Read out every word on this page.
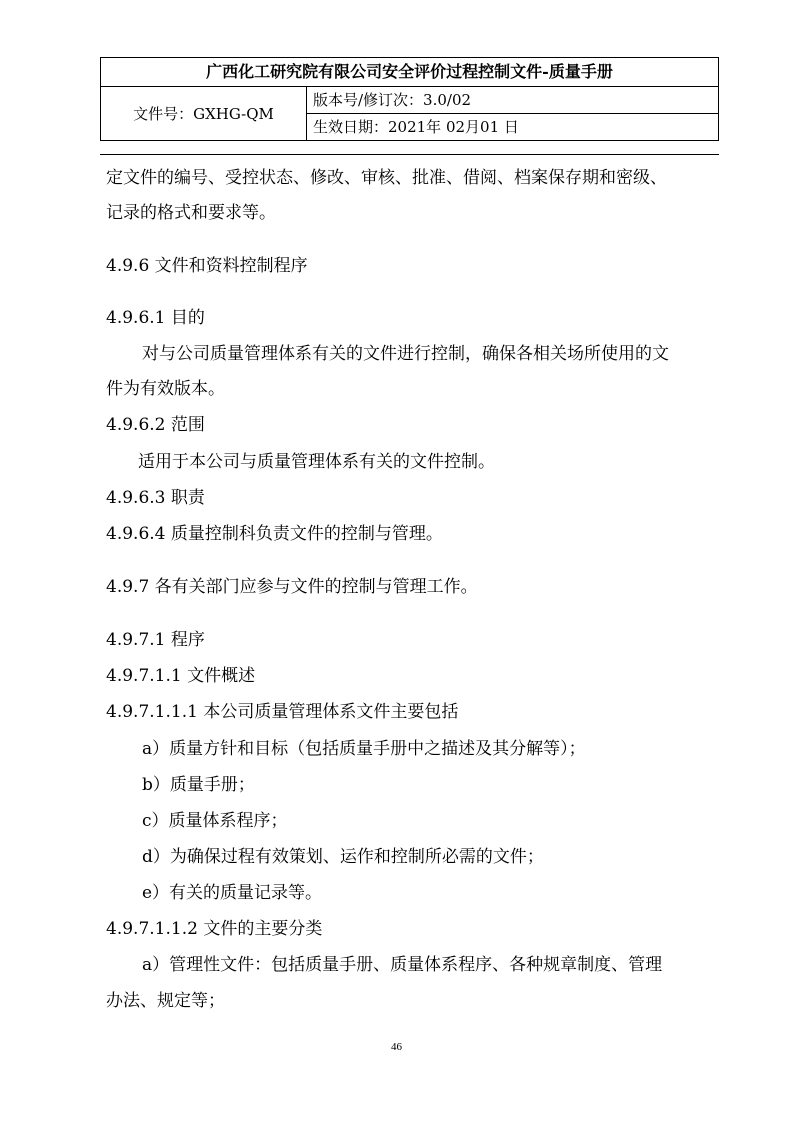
广西化工研究院有限公司安全评价过程控制文件-质量手册
文件号：GXHG-QM	版本号/修订次：3.0/02
生效日期：2021年 02月01 日
定文件的编号、受控状态、修改、审核、批准、借阅、档案保存期和密级、
记录的格式和要求等。
4.9.6 文件和资料控制程序
4.9.6.1 目的
对与公司质量管理体系有关的文件进行控制，确保各相关场所使用的文
件为有效版本。
4.9.6.2 范围
适用于本公司与质量管理体系有关的文件控制。
4.9.6.3 职责
4.9.6.4 质量控制科负责文件的控制与管理。
4.9.7 各有关部门应参与文件的控制与管理工作。
4.9.7.1 程序
4.9.7.1.1 文件概述
4.9.7.1.1.1 本公司质量管理体系文件主要包括
a）质量方针和目标（包括质量手册中之描述及其分解等）；
b）质量手册；
c）质量体系程序；
d）为确保过程有效策划、运作和控制所必需的文件；
e）有关的质量记录等。
4.9.7.1.1.2 文件的主要分类
a）管理性文件：包括质量手册、质量体系程序、各种规章制度、管理
办法、规定等；
46
